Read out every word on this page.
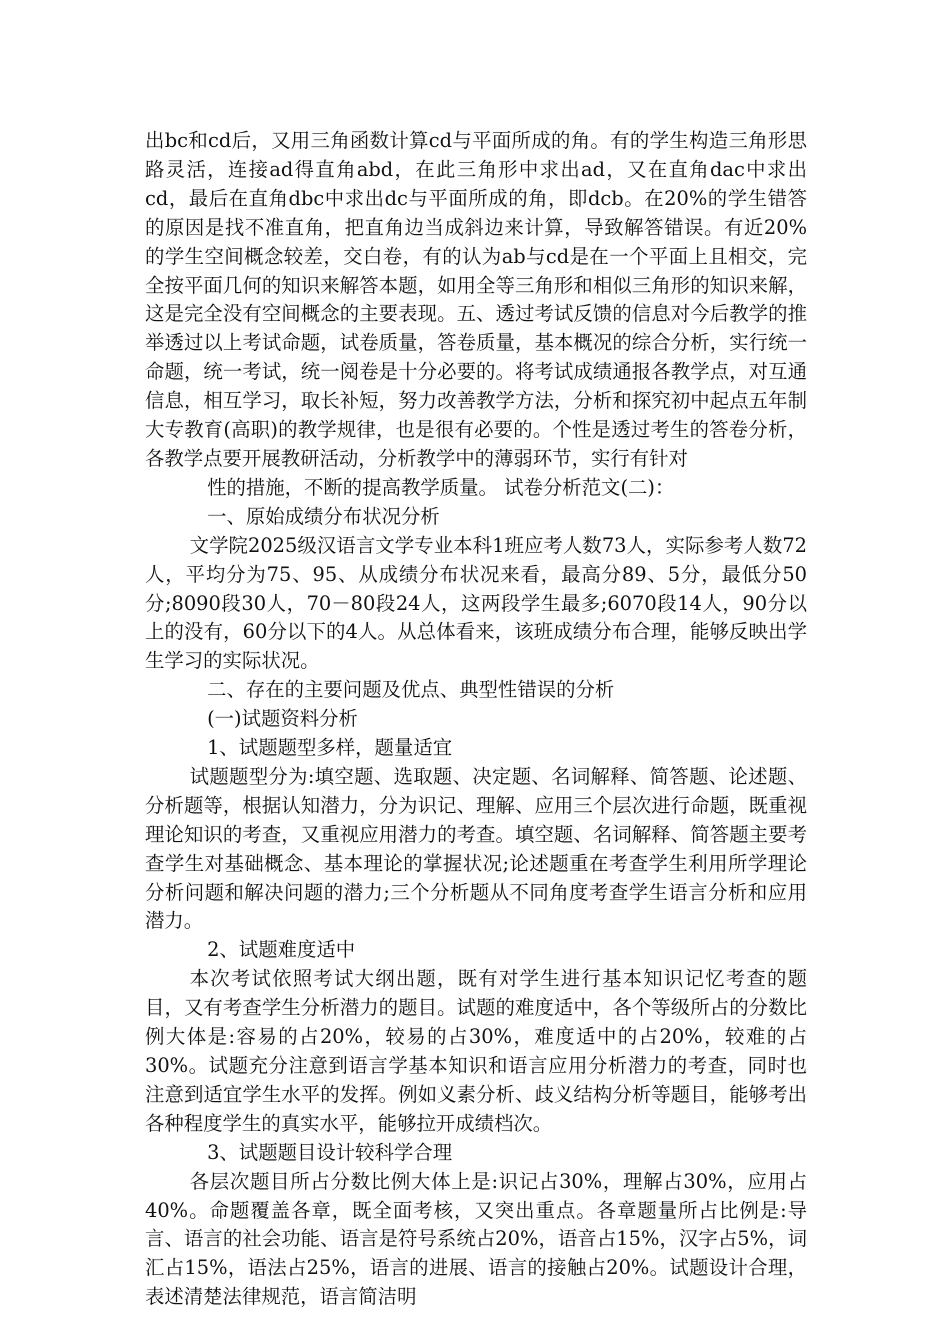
出bc和cd后，又用三角函数计算cd与平面所成的角。有的学生构造三角形思路灵活，连接ad得直角abd，在此三角形中求出ad，又在直角dac中求出cd，最后在直角dbc中求出dc与平面所成的角，即dcb。在20%的学生错答的原因是找不准直角，把直角边当成斜边来计算，导致解答错误。有近20%的学生空间概念较差，交白卷，有的认为ab与cd是在一个平面上且相交，完全按平面几何的知识来解答本题，如用全等三角形和相似三角形的知识来解，这是完全没有空间概念的主要表现。五、透过考试反馈的信息对今后教学的推举透过以上考试命题，试卷质量，答卷质量，基本概况的综合分析，实行统一命题，统一考试，统一阅卷是十分必要的。将考试成绩通报各教学点，对互通信息，相互学习，取长补短，努力改善教学方法，分析和探究初中起点五年制大专教育(高职)的教学规律，也是很有必要的。个性是透过考生的答卷分析，各教学点要开展教研活动，分析教学中的薄弱环节，实行有针对

性的措施，不断的提高教学质量。 试卷分析范文(二)：

一、原始成绩分布状况分析

文学院2025级汉语言文学专业本科1班应考人数73人，实际参考人数72人，平均分为75、95、从成绩分布状况来看，最高分89、5分，最低分50分;8090段30人，70－80段24人，这两段学生最多;6070段14人，90分以上的没有，60分以下的4人。从总体看来，该班成绩分布合理，能够反映出学生学习的实际状况。

二、存在的主要问题及优点、典型性错误的分析

(一)试题资料分析

1、试题题型多样，题量适宜

试题题型分为:填空题、选取题、决定题、名词解释、简答题、论述题、分析题等，根据认知潜力，分为识记、理解、应用三个层次进行命题，既重视理论知识的考查，又重视应用潜力的考查。填空题、名词解释、简答题主要考查学生对基础概念、基本理论的掌握状况;论述题重在考查学生利用所学理论分析问题和解决问题的潜力;三个分析题从不同角度考查学生语言分析和应用潜力。

2、试题难度适中

本次考试依照考试大纲出题，既有对学生进行基本知识记忆考查的题目，又有考查学生分析潜力的题目。试题的难度适中，各个等级所占的分数比例大体是:容易的占20%，较易的占30%，难度适中的占20%，较难的占30%。试题充分注意到语言学基本知识和语言应用分析潜力的考查，同时也注意到适宜学生水平的发挥。例如义素分析、歧义结构分析等题目，能够考出各种程度学生的真实水平，能够拉开成绩档次。

3、试题题目设计较科学合理

各层次题目所占分数比例大体上是:识记占30%，理解占30%，应用占40%。命题覆盖各章，既全面考核，又突出重点。各章题量所占比例是:导言、语言的社会功能、语言是符号系统占20%，语音占15%，汉字占5%，词汇占15%，语法占25%，语言的进展、语言的接触占20%。试题设计合理，表述清楚法律规范，语言简洁明
